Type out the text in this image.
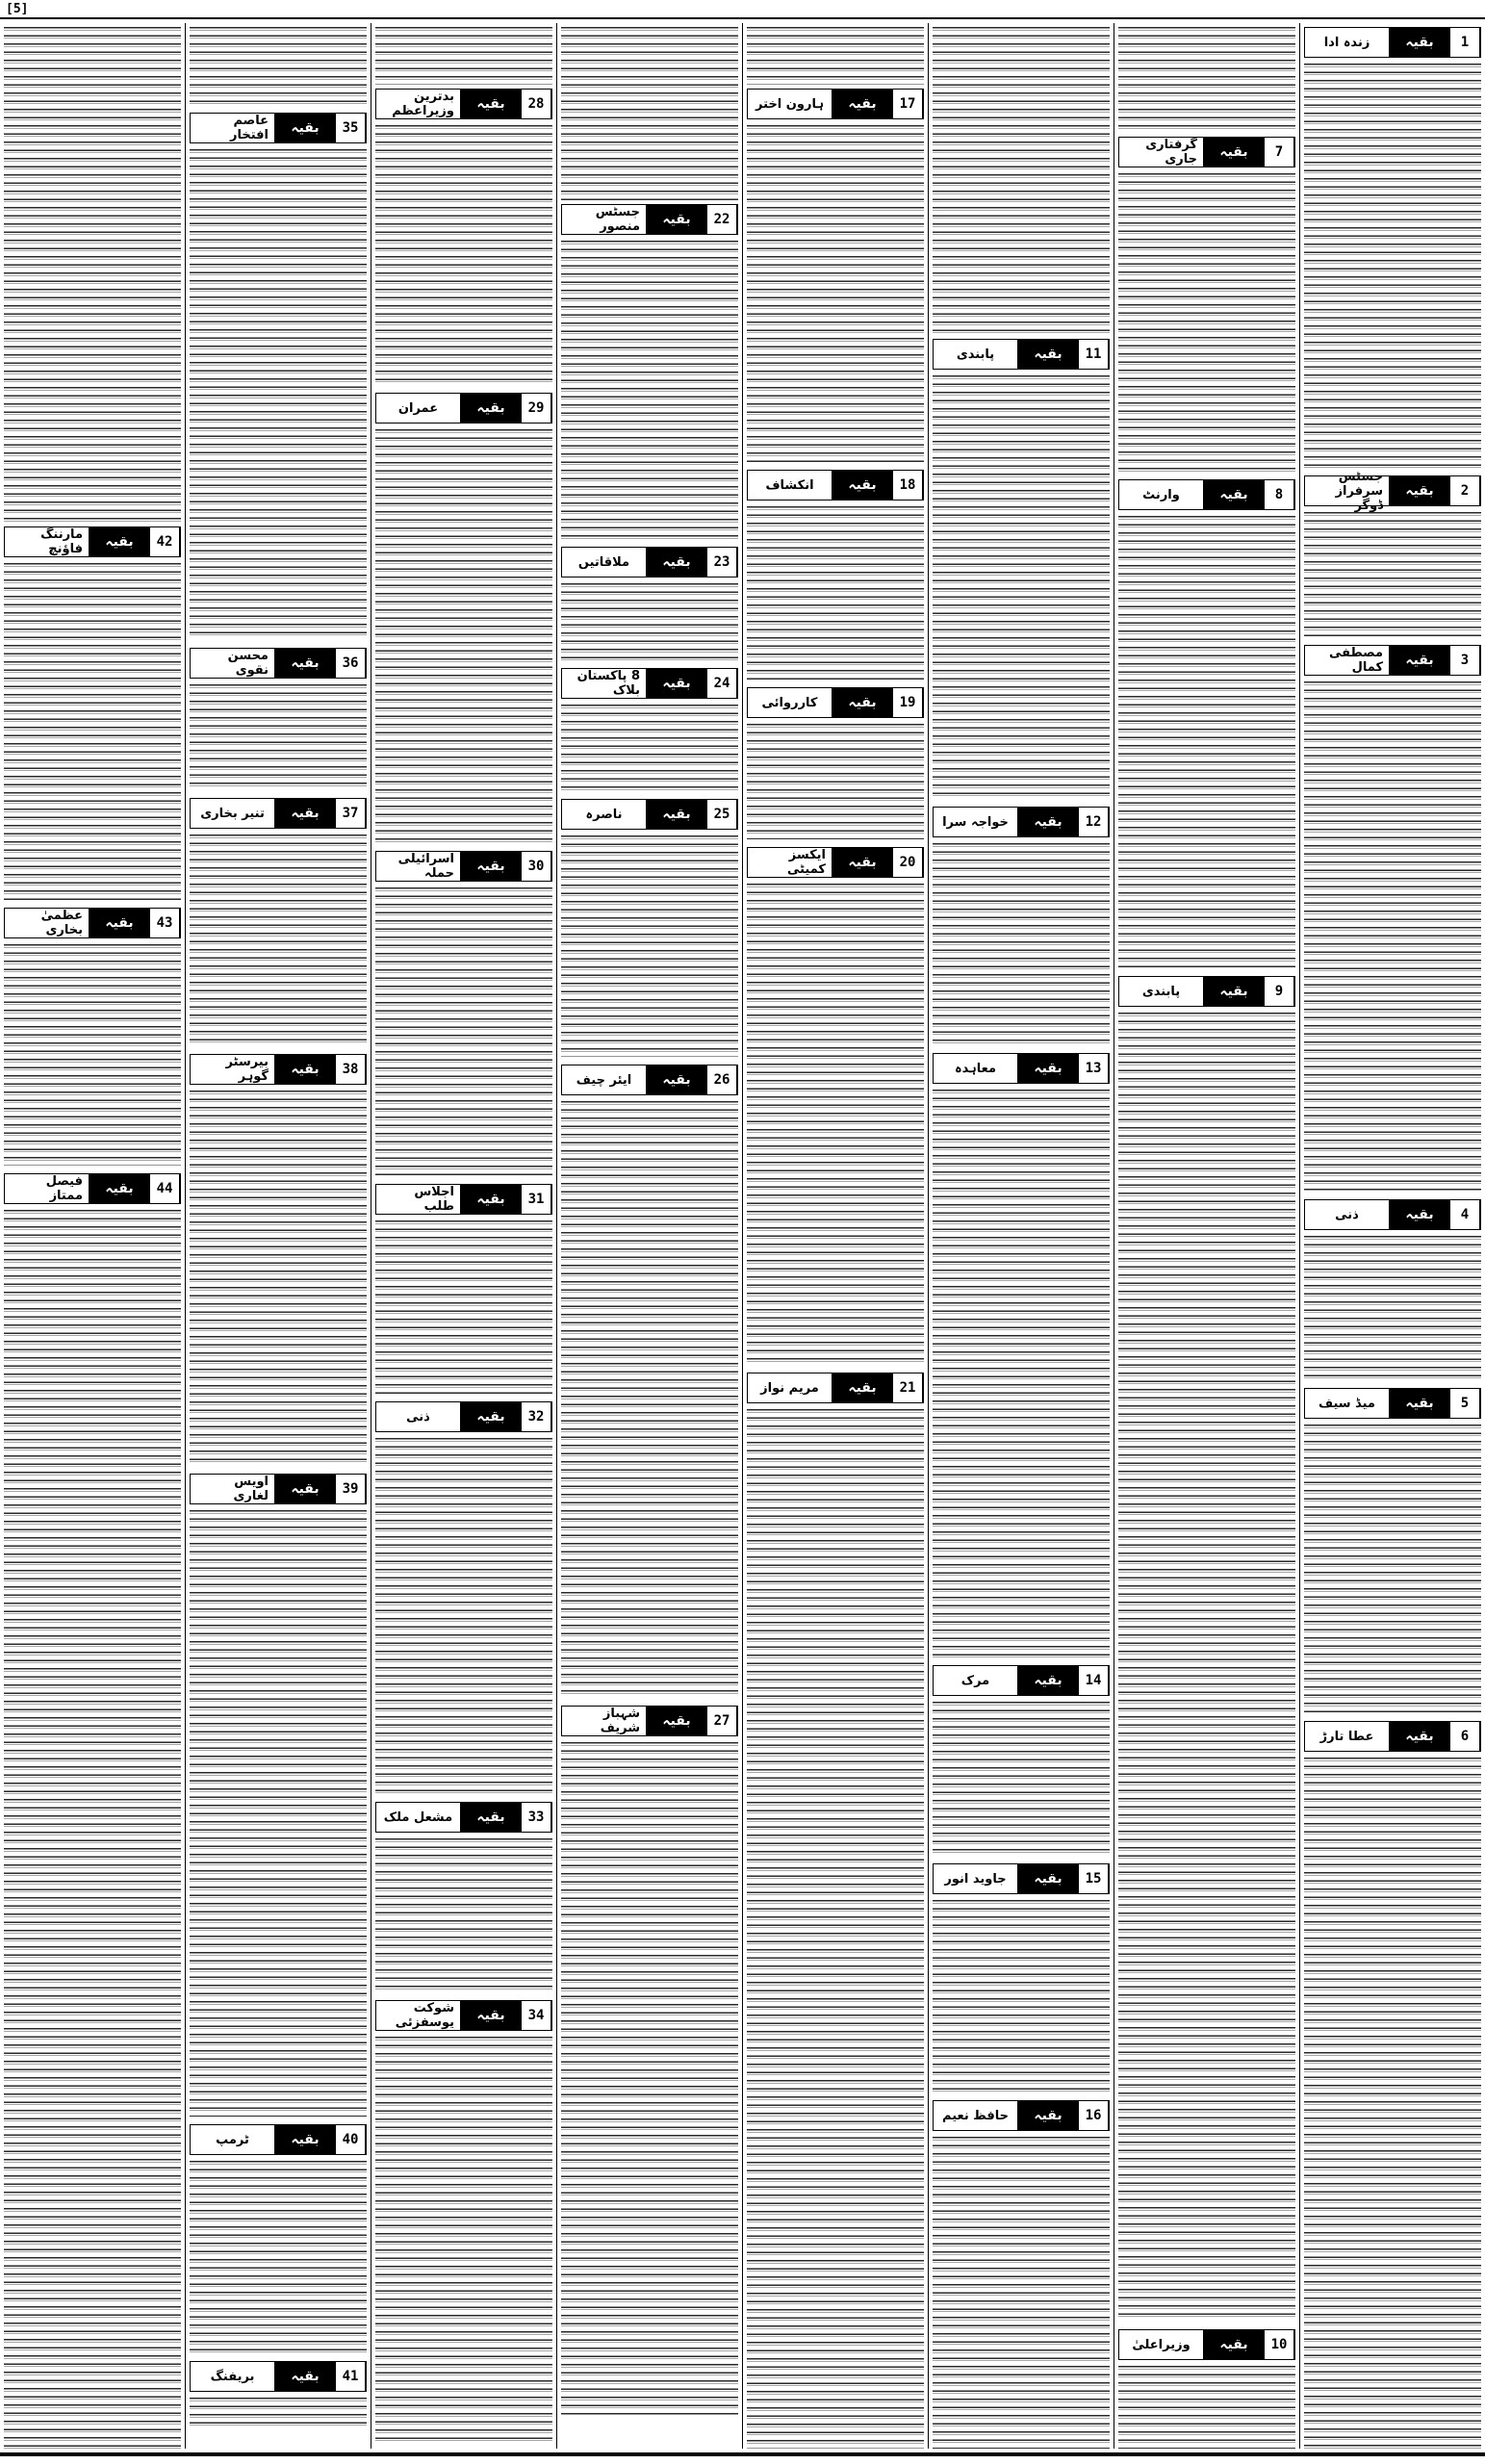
[5]
1
بقیہ
زندہ ادا
2
بقیہ
جسٹس سرفراز ڈوگر
3
بقیہ
مصطفی کمال
4
بقیہ
ذنی
5
بقیہ
میڈ سیف
6
بقیہ
عطا تارڑ
7
بقیہ
گرفتاری جاری
8
بقیہ
وارنٹ
9
بقیہ
پابندی
10
بقیہ
وزیراعلیٰ
11
بقیہ
پابندی
12
بقیہ
خواجہ سرا
13
بقیہ
معاہدہ
14
بقیہ
مرک
15
بقیہ
جاوید انور
16
بقیہ
حافظ نعیم
17
بقیہ
ہارون اختر
18
بقیہ
انکشاف
19
بقیہ
کارروائی
20
بقیہ
ایکسز کمیٹی
21
بقیہ
مریم نواز
22
بقیہ
جسٹس منصور
23
بقیہ
ملاقاتیں
24
بقیہ
8 پاکستان بلاک
25
بقیہ
ناصرہ
26
بقیہ
ایئر چیف
27
بقیہ
شہباز شریف
28
بقیہ
بدترین وزیراعظم
29
بقیہ
عمران
30
بقیہ
اسرائیلی حملہ
31
بقیہ
اجلاس طلب
32
بقیہ
ذنی
33
بقیہ
مشعل ملک
34
بقیہ
شوکت یوسفزئی
35
بقیہ
عاصم افتخار
36
بقیہ
محسن نقوی
37
بقیہ
تنیر بخاری
38
بقیہ
بیرسٹر گوہر
39
بقیہ
اویس لغاری
40
بقیہ
ٹرمپ
41
بقیہ
بریفنگ
42
بقیہ
مارننگ فاؤنچ
43
بقیہ
عظمیٰ بخاری
44
بقیہ
فیصل ممتاز
